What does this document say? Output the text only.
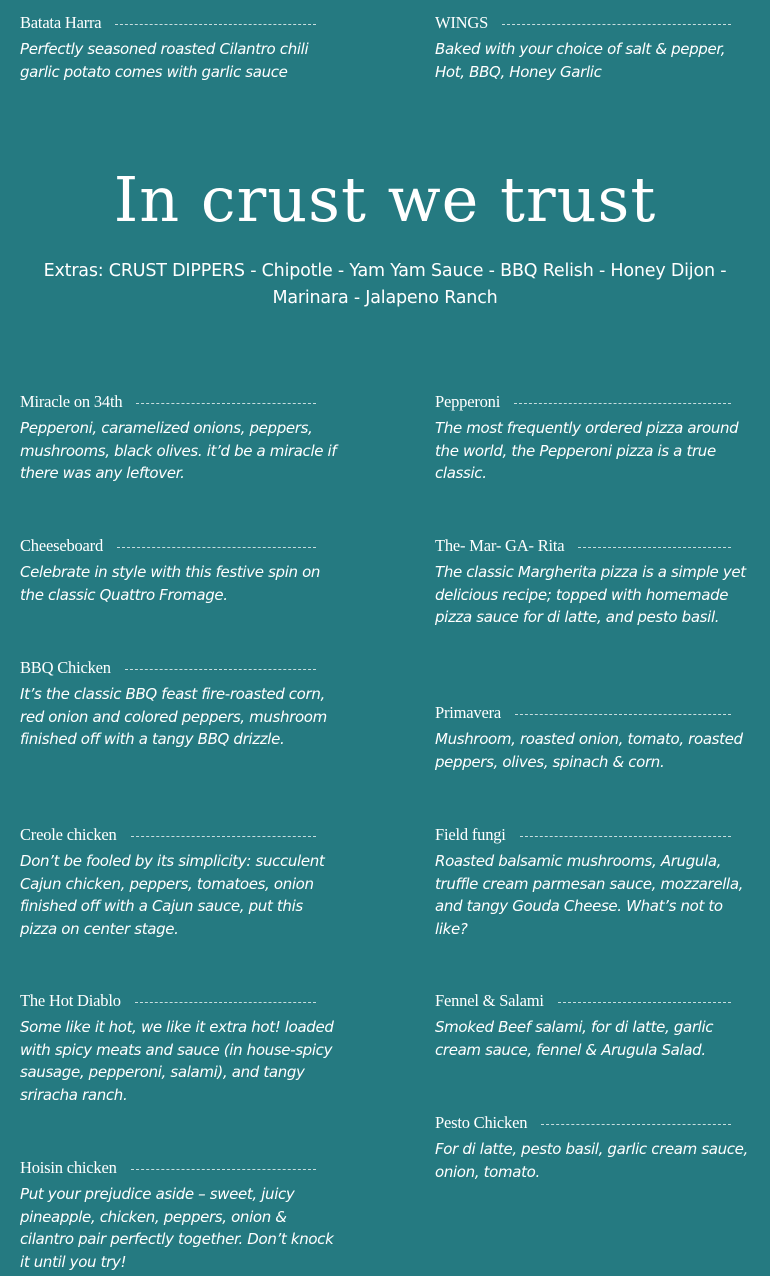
Batata Harra
Perfectly seasoned roasted Cilantro chili garlic potato comes with garlic sauce
WINGS
Baked with your choice of salt & pepper, Hot, BBQ, Honey Garlic
In crust we trust
Extras: CRUST DIPPERS - Chipotle - Yam Yam Sauce - BBQ Relish - Honey Dijon - Marinara - Jalapeno Ranch
Miracle on 34th
Pepperoni, caramelized onions, peppers, mushrooms, black olives. it’d be a miracle if there was any leftover.
Cheeseboard
Celebrate in style with this festive spin on the classic Quattro Fromage.
BBQ Chicken
It’s the classic BBQ feast fire-roasted corn, red onion and colored peppers, mushroom finished off with a tangy BBQ drizzle.
Creole chicken
Don’t be fooled by its simplicity: succulent Cajun chicken, peppers, tomatoes, onion finished off with a Cajun sauce, put this pizza on center stage.
The Hot Diablo
Some like it hot, we like it extra hot! loaded with spicy meats and sauce (in house-spicy sausage, pepperoni, salami), and tangy sriracha ranch.
Hoisin chicken
Put your prejudice aside – sweet, juicy pineapple, chicken, peppers, onion & cilantro pair perfectly together. Don’t knock it until you try!
Pepperoni
The most frequently ordered pizza around the world, the Pepperoni pizza is a true classic.
The- Mar- GA- Rita
The classic Margherita pizza is a simple yet delicious recipe; topped with homemade pizza sauce for di latte, and pesto basil.
Primavera
Mushroom, roasted onion, tomato, roasted peppers, olives, spinach & corn.
Field fungi
Roasted balsamic mushrooms, Arugula, truffle cream parmesan sauce, mozzarella, and tangy Gouda Cheese. What’s not to like?
Fennel & Salami
Smoked Beef salami, for di latte, garlic cream sauce, fennel & Arugula Salad.
Pesto Chicken
For di latte, pesto basil, garlic cream sauce, onion, tomato.
